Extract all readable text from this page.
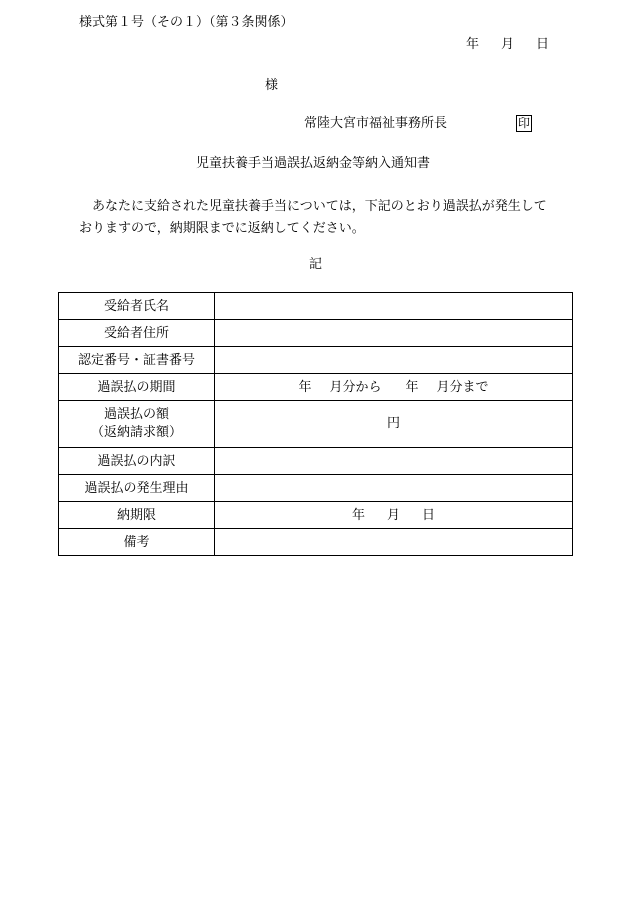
様式第１号（その１）（第３条関係）
年 月 日
様
常陸大宮市福祉事務所長	印
児童扶養手当過誤払返納金等納入通知書
あなたに支給された児童扶養手当については，下記のとおり過誤払が発生しておりますので，納期限までに返納してください。
記
受給者氏名	
受給者住所	
認定番号・証書番号	
過誤払の期間	年 月分から 年 月分まで

過誤払の額
（返納請求額）	円
過誤払の内訳	
過誤払の発生理由	
納期限	年 月 日
備考	
